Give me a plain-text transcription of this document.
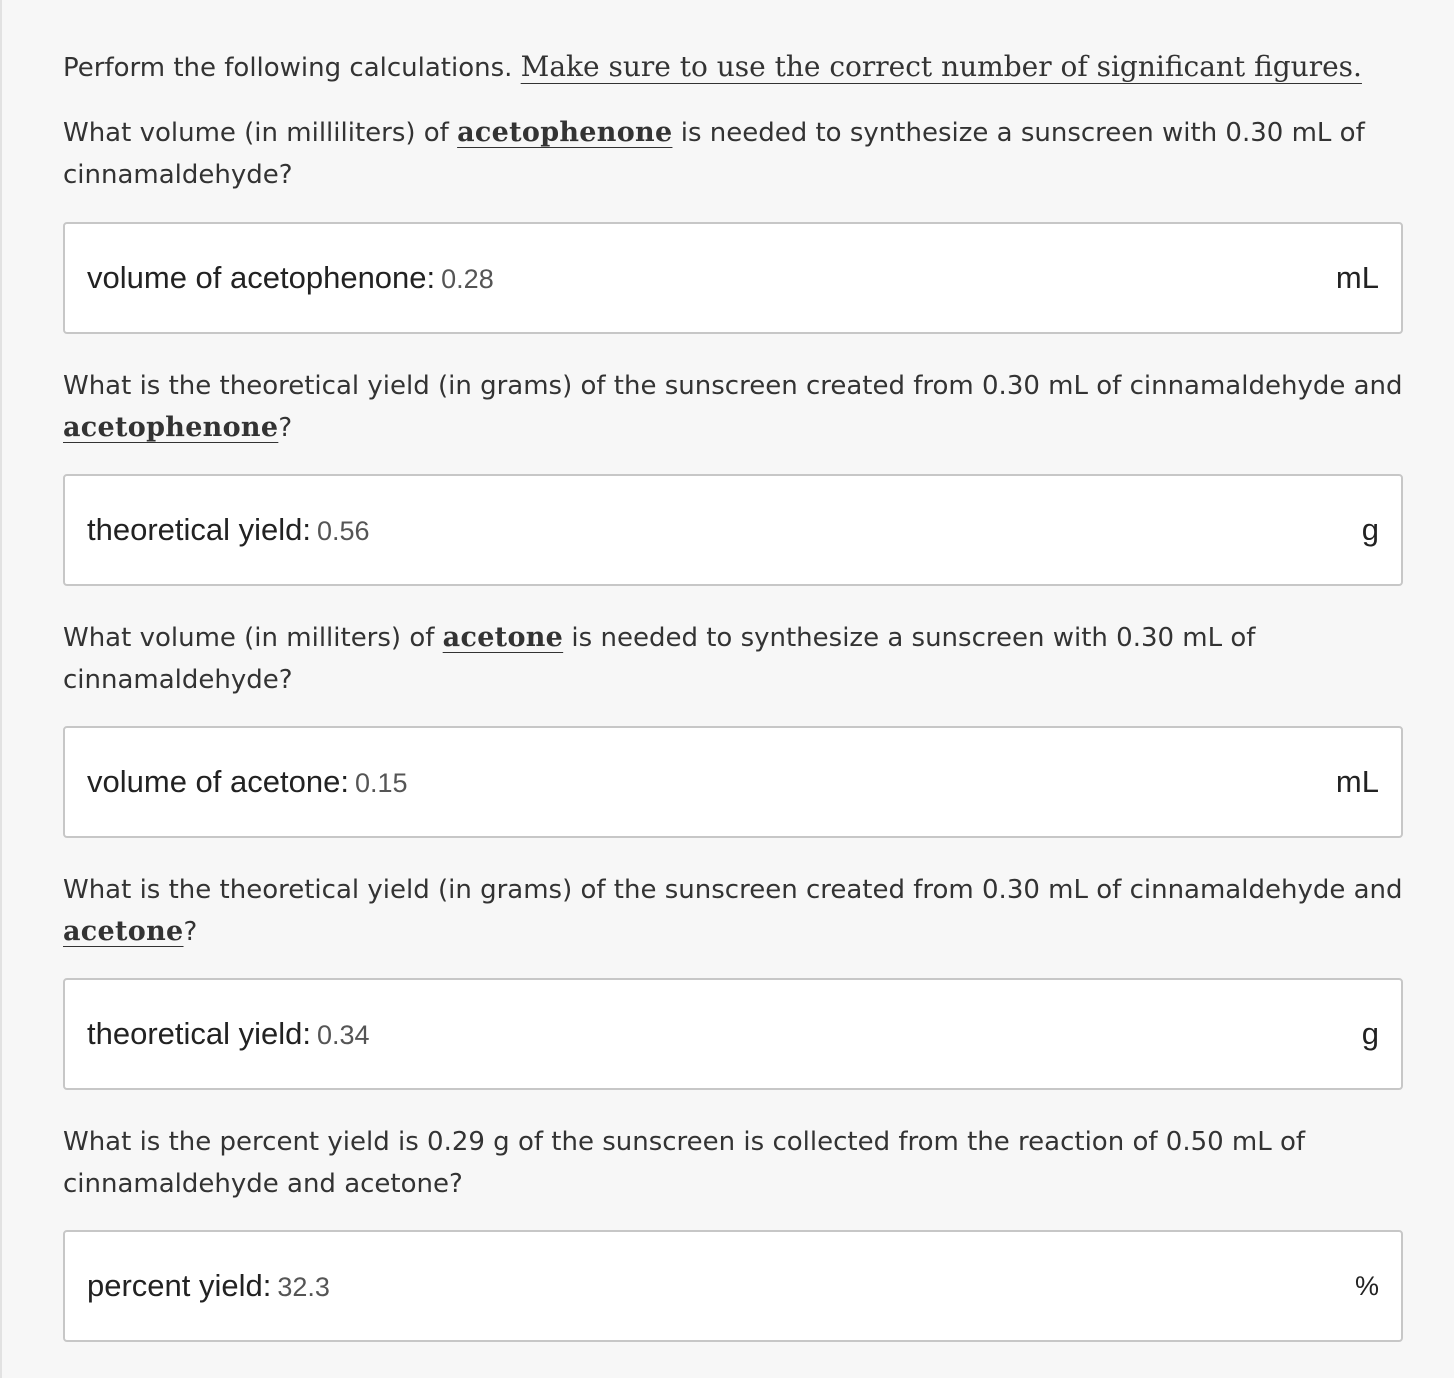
Perform the following calculations. Make sure to use the correct number of significant figures.
What volume (in milliliters) of acetophenone is needed to synthesize a sunscreen with 0.30 mL of cinnamaldehyde?
volume of acetophenone: 0.28	mL
What is the theoretical yield (in grams) of the sunscreen created from 0.30 mL of cinnamaldehyde and acetophenone?
theoretical yield: 0.56	g
What volume (in milliters) of acetone is needed to synthesize a sunscreen with 0.30 mL of cinnamaldehyde?
volume of acetone: 0.15	mL
What is the theoretical yield (in grams) of the sunscreen created from 0.30 mL of cinnamaldehyde and acetone?
theoretical yield: 0.34	g
What is the percent yield is 0.29 g of the sunscreen is collected from the reaction of 0.50 mL of cinnamaldehyde and acetone?
percent yield: 32.3	%
